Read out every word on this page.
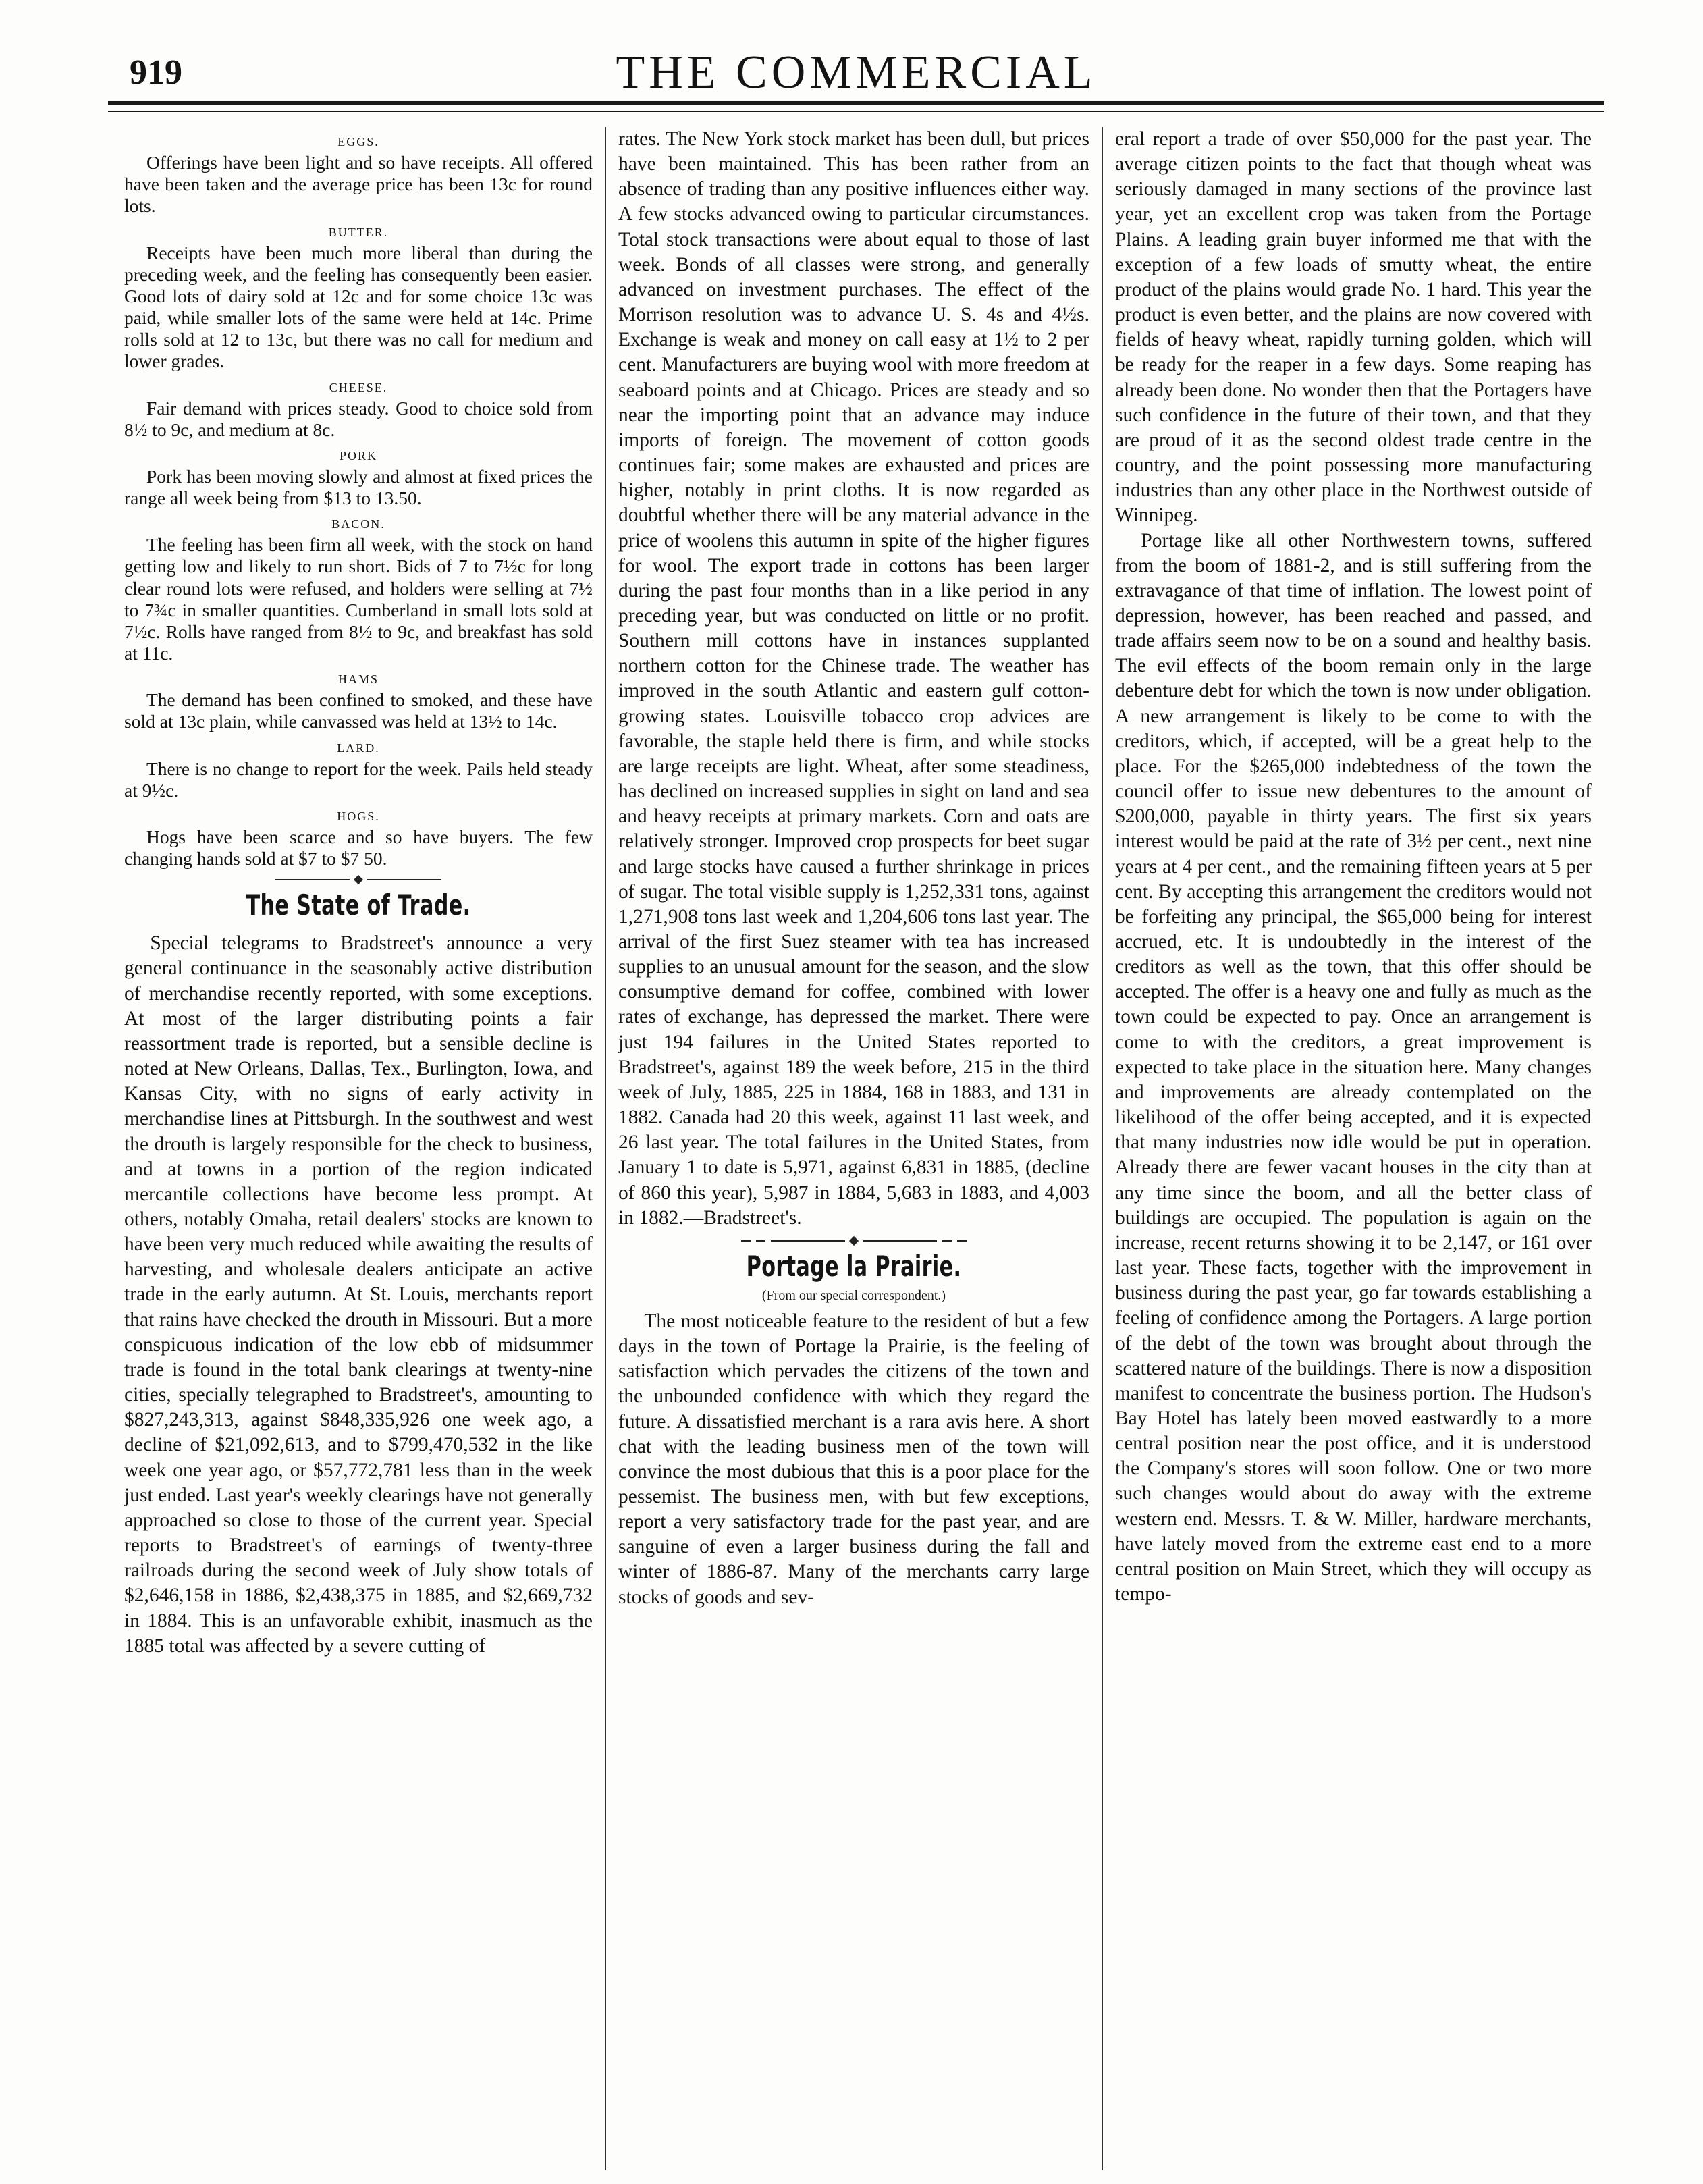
THE COMMERCIAL
919
EGGS.

Offerings have been light and so have receipts. All offered have been taken and the average price has been 13c for round lots.

BUTTER.

Receipts have been much more liberal than during the preceding week, and the feeling has consequently been easier. Good lots of dairy sold at 12c and for some choice 13c was paid, while smaller lots of the same were held at 14c. Prime rolls sold at 12 to 13c, but there was no call for medium and lower grades.

CHEESE.

Fair demand with prices steady. Good to choice sold from 8½ to 9c, and medium at 8c.

PORK

Pork has been moving slowly and almost at fixed prices the range all week being from $13 to 13.50.

BACON.

The feeling has been firm all week, with the stock on hand getting low and likely to run short. Bids of 7 to 7½c for long clear round lots were refused, and holders were selling at 7½ to 7¾c in smaller quantities. Cumberland in small lots sold at 7½c. Rolls have ranged from 8½ to 9c, and breakfast has sold at 11c.

HAMS

The demand has been confined to smoked, and these have sold at 13c plain, while canvassed was held at 13½ to 14c.

LARD.

There is no change to report for the week. Pails held steady at 9½c.

HOGS.

Hogs have been scarce and so have buyers. The few changing hands sold at $7 to $7 50.

The State of Trade.

Special telegrams to Bradstreet's announce a very general continuance in the seasonably active distribution of merchandise recently reported, with some exceptions. At most of the larger distributing points a fair reassortment trade is reported, but a sensible decline is noted at New Orleans, Dallas, Tex., Burlington, Iowa, and Kansas City, with no signs of early activity in merchandise lines at Pittsburgh. In the southwest and west the drouth is largely responsible for the check to business, and at towns in a portion of the region indicated mercantile collections have become less prompt. At others, notably Omaha, retail dealers' stocks are known to have been very much reduced while awaiting the results of harvesting, and wholesale dealers anticipate an active trade in the early autumn. At St. Louis, merchants report that rains have checked the drouth in Missouri. But a more conspicuous indication of the low ebb of midsummer trade is found in the total bank clearings at twenty-nine cities, specially telegraphed to Bradstreet's, amounting to $827,243,313, against $848,335,926 one week ago, a decline of $21,092,613, and to $799,470,532 in the like week one year ago, or $57,772,781 less than in the week just ended. Last year's weekly clearings have not generally approached so close to those of the current year. Special reports to Bradstreet's of earnings of twenty-three railroads during the second week of July show totals of $2,646,158 in 1886, $2,438,375 in 1885, and $2,669,732 in 1884. This is an unfavorable exhibit, inasmuch as the 1885 total was affected by a severe cutting of

rates. The New York stock market has been dull, but prices have been maintained. This has been rather from an absence of trading than any positive influences either way. A few stocks advanced owing to particular circumstances. Total stock transactions were about equal to those of last week. Bonds of all classes were strong, and generally advanced on investment purchases. The effect of the Morrison resolution was to advance U. S. 4s and 4½s. Exchange is weak and money on call easy at 1½ to 2 per cent. Manufacturers are buying wool with more freedom at seaboard points and at Chicago. Prices are steady and so near the importing point that an advance may induce imports of foreign. The movement of cotton goods continues fair; some makes are exhausted and prices are higher, notably in print cloths. It is now regarded as doubtful whether there will be any material advance in the price of woolens this autumn in spite of the higher figures for wool. The export trade in cottons has been larger during the past four months than in a like period in any preceding year, but was conducted on little or no profit. Southern mill cottons have in instances supplanted northern cotton for the Chinese trade. The weather has improved in the south Atlantic and eastern gulf cotton-growing states. Louisville tobacco crop advices are favorable, the staple held there is firm, and while stocks are large receipts are light. Wheat, after some steadiness, has declined on increased supplies in sight on land and sea and heavy receipts at primary markets. Corn and oats are relatively stronger. Improved crop prospects for beet sugar and large stocks have caused a further shrinkage in prices of sugar. The total visible supply is 1,252,331 tons, against 1,271,908 tons last week and 1,204,606 tons last year. The arrival of the first Suez steamer with tea has increased supplies to an unusual amount for the season, and the slow consumptive demand for coffee, combined with lower rates of exchange, has depressed the market. There were just 194 failures in the United States reported to Bradstreet's, against 189 the week before, 215 in the third week of July, 1885, 225 in 1884, 168 in 1883, and 131 in 1882. Canada had 20 this week, against 11 last week, and 26 last year. The total failures in the United States, from January 1 to date is 5,971, against 6,831 in 1885, (decline of 860 this year), 5,987 in 1884, 5,683 in 1883, and 4,003 in 1882.—Bradstreet's.

Portage la Prairie.
(From our special correspondent.)

The most noticeable feature to the resident of but a few days in the town of Portage la Prairie, is the feeling of satisfaction which pervades the citizens of the town and the unbounded confidence with which they regard the future. A dissatisfied merchant is a rara avis here. A short chat with the leading business men of the town will convince the most dubious that this is a poor place for the pessemist. The business men, with but few exceptions, report a very satisfactory trade for the past year, and are sanguine of even a larger business during the fall and winter of 1886-87. Many of the merchants carry large stocks of goods and sev-

eral report a trade of over $50,000 for the past year. The average citizen points to the fact that though wheat was seriously damaged in many sections of the province last year, yet an excellent crop was taken from the Portage Plains. A leading grain buyer informed me that with the exception of a few loads of smutty wheat, the entire product of the plains would grade No. 1 hard. This year the product is even better, and the plains are now covered with fields of heavy wheat, rapidly turning golden, which will be ready for the reaper in a few days. Some reaping has already been done. No wonder then that the Portagers have such confidence in the future of their town, and that they are proud of it as the second oldest trade centre in the country, and the point possessing more manufacturing industries than any other place in the Northwest outside of Winnipeg.

Portage like all other Northwestern towns, suffered from the boom of 1881-2, and is still suffering from the extravagance of that time of inflation. The lowest point of depression, however, has been reached and passed, and trade affairs seem now to be on a sound and healthy basis. The evil effects of the boom remain only in the large debenture debt for which the town is now under obligation. A new arrangement is likely to be come to with the creditors, which, if accepted, will be a great help to the place. For the $265,000 indebtedness of the town the council offer to issue new debentures to the amount of $200,000, payable in thirty years. The first six years interest would be paid at the rate of 3½ per cent., next nine years at 4 per cent., and the remaining fifteen years at 5 per cent. By accepting this arrangement the creditors would not be forfeiting any principal, the $65,000 being for interest accrued, etc. It is undoubtedly in the interest of the creditors as well as the town, that this offer should be accepted. The offer is a heavy one and fully as much as the town could be expected to pay. Once an arrangement is come to with the creditors, a great improvement is expected to take place in the situation here. Many changes and improvements are already contemplated on the likelihood of the offer being accepted, and it is expected that many industries now idle would be put in operation. Already there are fewer vacant houses in the city than at any time since the boom, and all the better class of buildings are occupied. The population is again on the increase, recent returns showing it to be 2,147, or 161 over last year. These facts, together with the improvement in business during the past year, go far towards establishing a feeling of confidence among the Portagers. A large portion of the debt of the town was brought about through the scattered nature of the buildings. There is now a disposition manifest to concentrate the business portion. The Hudson's Bay Hotel has lately been moved eastwardly to a more central position near the post office, and it is understood the Company's stores will soon follow. One or two more such changes would about do away with the extreme western end. Messrs. T. & W. Miller, hardware merchants, have lately moved from the extreme east end to a more central position on Main Street, which they will occupy as tempo-
